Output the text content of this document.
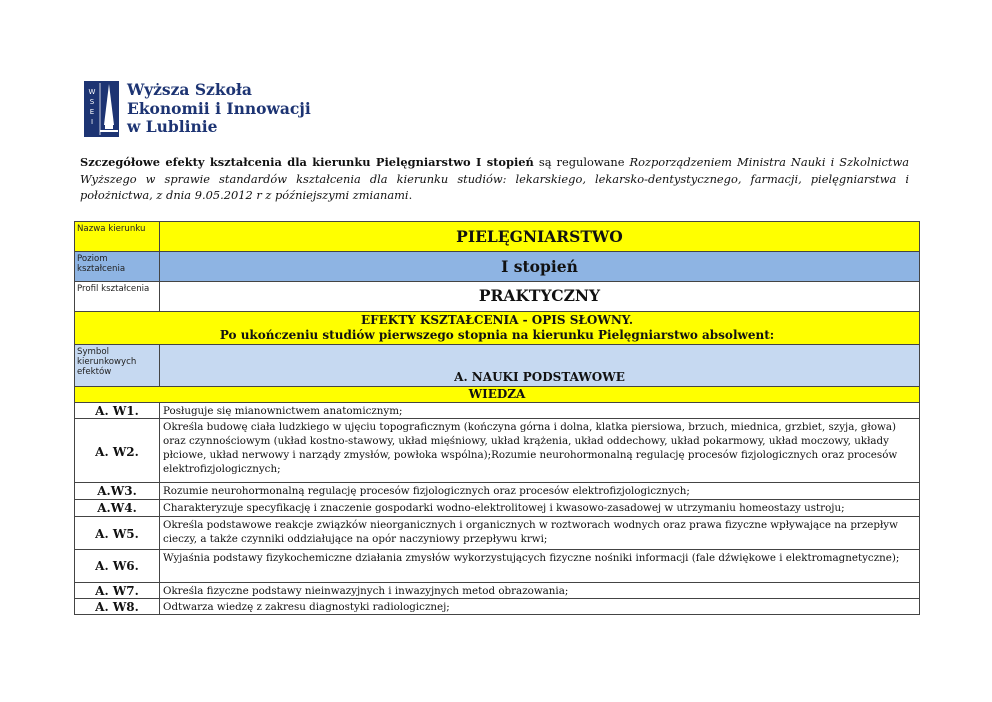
W
S
E
I
Wyższa Szkoła
Ekonomii i Innowacji
w Lublinie

Szczegółowe efekty kształcenia dla kierunku Pielęgniarstwo I stopień są regulowane Rozporządzeniem Ministra Nauki i Szkolnictwa Wyższego w sprawie standardów kształcenia dla kierunku studiów: lekarskiego, lekarsko-dentystycznego, farmacji, pielęgniarstwa i położnictwa, z dnia 9.05.2012 r z późniejszymi zmianami.

Nazwa kierunku	PIELĘGNIARSTWO
Poziom kształcenia	I stopień
Profil kształcenia	PRAKTYCZNY

EFEKTY KSZTAŁCENIA - OPIS SŁOWNY.
Po ukończeniu studiów pierwszego stopnia na kierunku Pielęgniarstwo absolwent:	

Symbol kierunkowych efektów	A. NAUKI PODSTAWOWE
WIEDZA	
A. W1.	Posługuje się mianownictwem anatomicznym;
A. W2.	Określa budowę ciała ludzkiego w ujęciu topograficznym (kończyna górna i dolna, klatka piersiowa, brzuch, miednica, grzbiet, szyja, głowa) oraz czynnościowym (układ kostno-stawowy, układ mięśniowy, układ krążenia, układ oddechowy, układ pokarmowy, układ moczowy, układy płciowe, układ nerwowy i narządy zmysłów, powłoka wspólna);Rozumie neurohormonalną regulację procesów fizjologicznych oraz procesów elektrofizjologicznych;
A.W3.	Rozumie neurohormonalną regulację procesów fizjologicznych oraz procesów elektrofizjologicznych;
A.W4.	Charakteryzuje specyfikację i znaczenie gospodarki wodno-elektrolitowej i kwasowo-zasadowej w utrzymaniu homeostazy ustroju;
A. W5.	Określa podstawowe reakcje związków nieorganicznych i organicznych w roztworach wodnych oraz prawa fizyczne wpływające na przepływ cieczy, a także czynniki oddziałujące na opór naczyniowy przepływu krwi;
A. W6.	Wyjaśnia podstawy fizykochemiczne działania zmysłów wykorzystujących fizyczne nośniki informacji (fale dźwiękowe i elektromagnetyczne);
A. W7.	Określa fizyczne podstawy nieinwazyjnych i inwazyjnych metod obrazowania;
A. W8.	Odtwarza wiedzę z zakresu diagnostyki radiologicznej;
